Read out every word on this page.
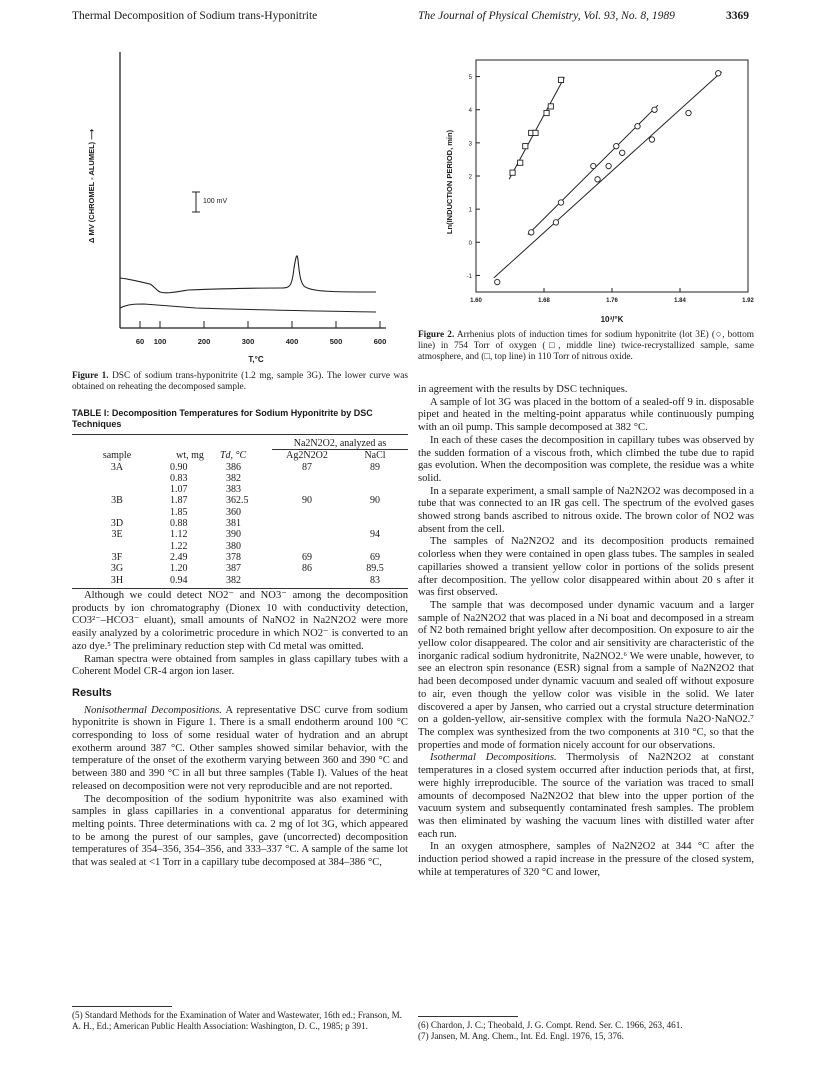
Thermal Decomposition of Sodium trans-Hyponitrite	The Journal of Physical Chemistry, Vol. 93, No. 8, 1989	3369
Δ MV (CHROMEL - ALUMEL) ⟶	100 mV
60 100	200	300	400	500	600
T,°C
Figure 1. DSC of sodium trans-hyponitrite (1.2 mg, sample 3G). The lower curve was obtained on reheating the decomposed sample.
TABLE I: Decomposition Temperatures for Sodium Hyponitrite by DSC Techniques
			Na2N2O2, analyzed as	
sample	wt, mg	Td, °C	Ag2N2O2	NaCl
3A	0.90	386	87	89
	0.83	382		
	1.07	383		
3B	1.87	362.5	90	90
	1.85	360		
3D	0.88	381		
3E	1.12	390		94
	1.22	380		
3F	2.49	378	69	69
3G	1.20	387	86	89.5
3H	0.94	382		83

Although we could detect NO2⁻ and NO3⁻ among the decomposition products by ion chromatography (Dionex 10 with conductivity detection, CO3²⁻–HCO3⁻ eluant), small amounts of NaNO2 in Na2N2O2 were more easily analyzed by a colorimetric procedure in which NO2⁻ is converted to an azo dye.⁵ The preliminary reduction step with Cd metal was omitted.

Raman spectra were obtained from samples in glass capillary tubes with a Coherent Model CR-4 argon ion laser.

Results

Nonisothermal Decompositions. A representative DSC curve from sodium hyponitrite is shown in Figure 1. There is a small endotherm around 100 °C corresponding to loss of some residual water of hydration and an abrupt exotherm around 387 °C. Other samples showed similar behavior, with the temperature of the onset of the exotherm varying between 360 and 390 °C and between 380 and 390 °C in all but three samples (Table I). Values of the heat released on decomposition were not very reproducible and are not reported.

The decomposition of the sodium hyponitrite was also examined with samples in glass capillaries in a conventional apparatus for determining melting points. Three determinations with ca. 2 mg of lot 3G, which appeared to be among the purest of our samples, gave (uncorrected) decomposition temperatures of 354–356, 354–356, and 333–337 °C. A sample of the same lot that was sealed at <1 Torr in a capillary tube decomposed at 384–386 °C,

(5) Standard Methods for the Examination of Water and Wastewater, 16th ed.; Franson, M. A. H., Ed.; American Public Health Association: Washington, D. C., 1985; p 391.
Ln(INDUCTION PERIOD, min)
-1
0
1
2
3
4
5
1.60	1.68	1.76	1.84	1.92
10³/°K
Figure 2. Arrhenius plots of induction times for sodium hyponitrite (lot 3E) (○, bottom line) in 754 Torr of oxygen (□, middle line) twice-recrystallized sample, same atmosphere, and (□, top line) in 110 Torr of nitrous oxide.

in agreement with the results by DSC techniques.

A sample of lot 3G was placed in the bottom of a sealed-off 9 in. disposable pipet and heated in the melting-point apparatus while continuously pumping with an oil pump. This sample decomposed at 382 °C.

In each of these cases the decomposition in capillary tubes was observed by the sudden formation of a viscous froth, which climbed the tube due to rapid gas evolution. When the decomposition was complete, the residue was a white solid.

In a separate experiment, a small sample of Na2N2O2 was decomposed in a tube that was connected to an IR gas cell. The spectrum of the evolved gases showed strong bands ascribed to nitrous oxide. The brown color of NO2 was absent from the cell.

The samples of Na2N2O2 and its decomposition products remained colorless when they were contained in open glass tubes. The samples in sealed capillaries showed a transient yellow color in portions of the solids present after decomposition. The yellow color disappeared within about 20 s after it was first observed.

The sample that was decomposed under dynamic vacuum and a larger sample of Na2N2O2 that was placed in a Ni boat and decomposed in a stream of N2 both remained bright yellow after decomposition. On exposure to air the yellow color disappeared. The color and air sensitivity are characteristic of the inorganic radical sodium hydronitrite, Na2NO2.⁶ We were unable, however, to see an electron spin resonance (ESR) signal from a sample of Na2N2O2 that had been decomposed under dynamic vacuum and sealed off without exposure to air, even though the yellow color was visible in the solid. We later discovered a aper by Jansen, who carried out a crystal structure determination on a golden-yellow, air-sensitive complex with the formula Na2O·NaNO2.⁷ The complex was synthesized from the two components at 310 °C, so that the properties and mode of formation nicely account for our observations.

Isothermal Decompositions. Thermolysis of Na2N2O2 at constant temperatures in a closed system occurred after induction periods that, at first, were highly irreproducible. The source of the variation was traced to small amounts of decomposed Na2N2O2 that blew into the upper portion of the vacuum system and subsequently contaminated fresh samples. The problem was then eliminated by washing the vacuum lines with distilled water after each run.

In an oxygen atmosphere, samples of Na2N2O2 at 344 °C after the induction period showed a rapid increase in the pressure of the closed system, while at temperatures of 320 °C and lower,

(6) Chardon, J. C.; Theobald, J. G. Compt. Rend. Ser. C. 1966, 263, 461.
(7) Jansen, M. Ang. Chem., Int. Ed. Engl. 1976, 15, 376.
